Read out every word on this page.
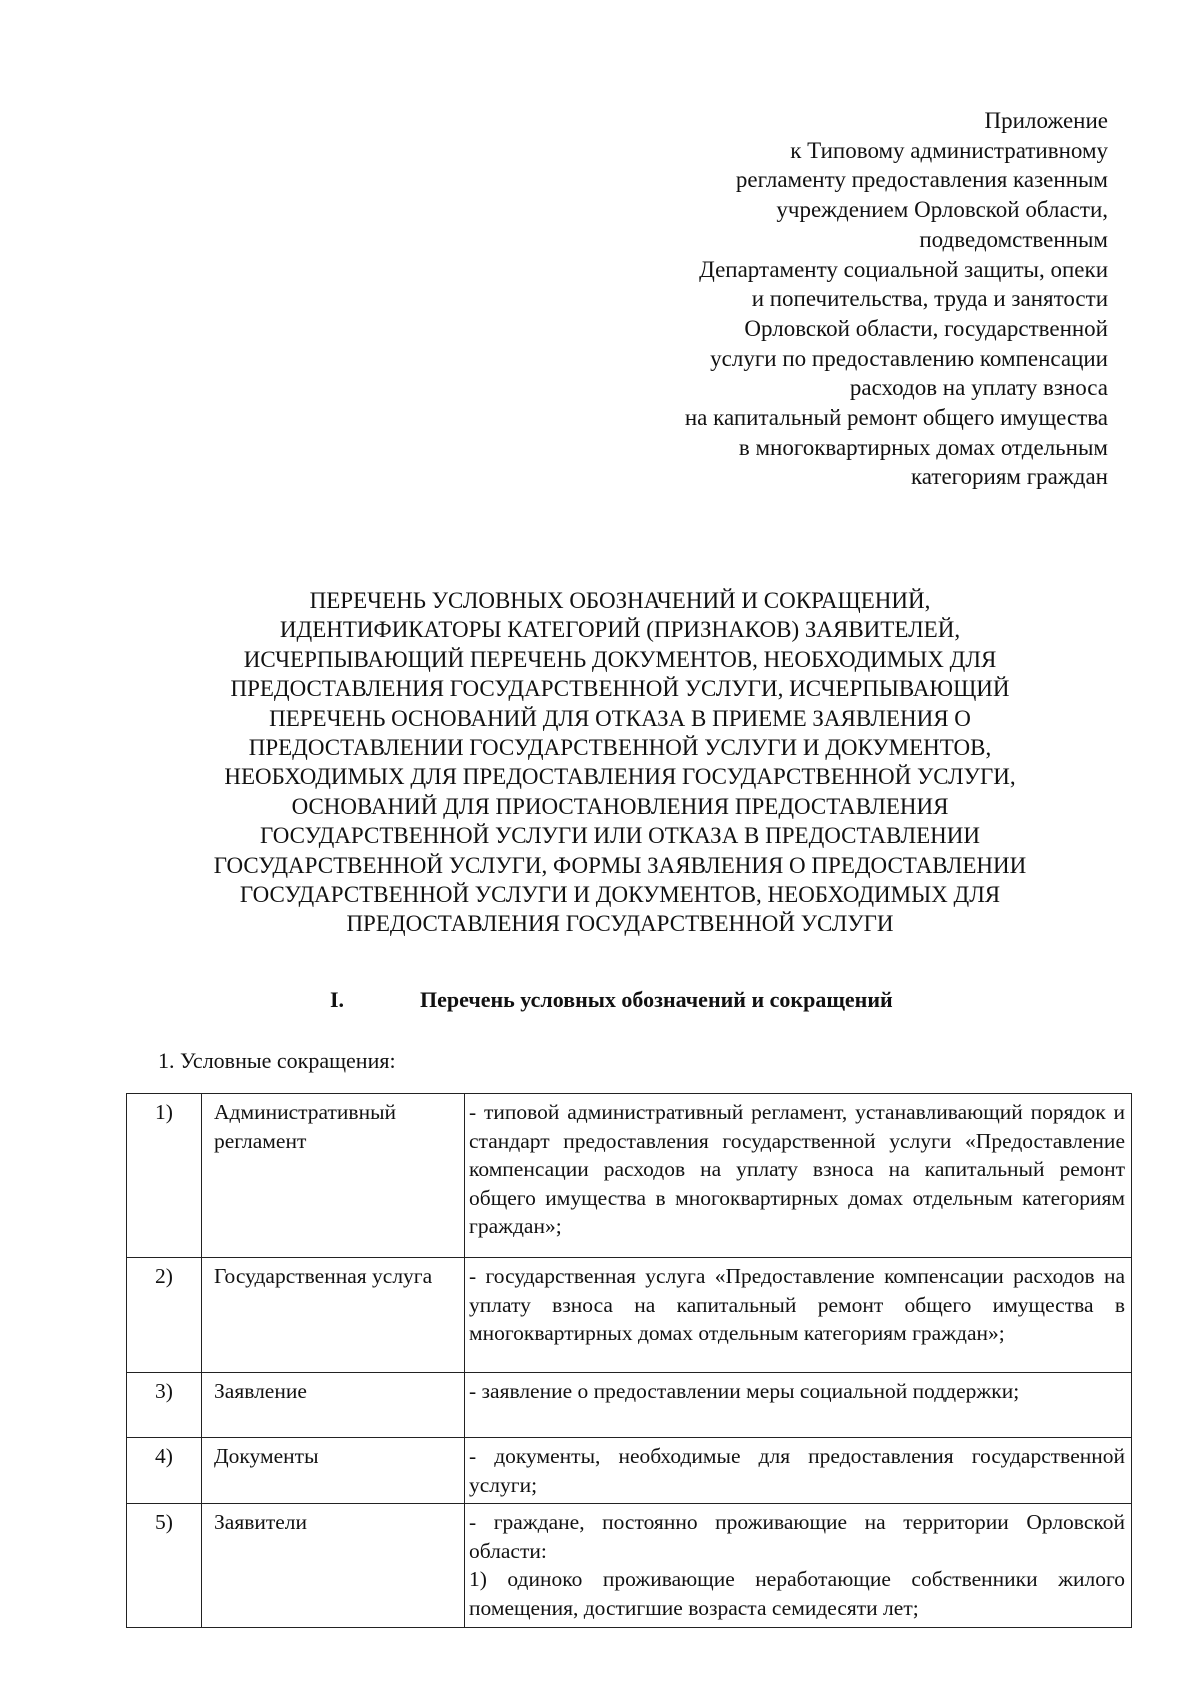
Приложение
к Типовому административному
регламенту предоставления казенным
учреждением Орловской области,
подведомственным
Департаменту социальной защиты, опеки
и попечительства, труда и занятости
Орловской области, государственной
услуги по предоставлению компенсации
расходов на уплату взноса
на капитальный ремонт общего имущества
в многоквартирных домах отдельным
категориям граждан
ПЕРЕЧЕНЬ УСЛОВНЫХ ОБОЗНАЧЕНИЙ И СОКРАЩЕНИЙ,
ИДЕНТИФИКАТОРЫ КАТЕГОРИЙ (ПРИЗНАКОВ) ЗАЯВИТЕЛЕЙ,
ИСЧЕРПЫВАЮЩИЙ ПЕРЕЧЕНЬ ДОКУМЕНТОВ, НЕОБХОДИМЫХ ДЛЯ
ПРЕДОСТАВЛЕНИЯ ГОСУДАРСТВЕННОЙ УСЛУГИ, ИСЧЕРПЫВАЮЩИЙ
ПЕРЕЧЕНЬ ОСНОВАНИЙ ДЛЯ ОТКАЗА В ПРИЕМЕ ЗАЯВЛЕНИЯ О
ПРЕДОСТАВЛЕНИИ ГОСУДАРСТВЕННОЙ УСЛУГИ И ДОКУМЕНТОВ,
НЕОБХОДИМЫХ ДЛЯ ПРЕДОСТАВЛЕНИЯ ГОСУДАРСТВЕННОЙ УСЛУГИ,
ОСНОВАНИЙ ДЛЯ ПРИОСТАНОВЛЕНИЯ ПРЕДОСТАВЛЕНИЯ
ГОСУДАРСТВЕННОЙ УСЛУГИ ИЛИ ОТКАЗА В ПРЕДОСТАВЛЕНИИ
ГОСУДАРСТВЕННОЙ УСЛУГИ, ФОРМЫ ЗАЯВЛЕНИЯ О ПРЕДОСТАВЛЕНИИ
ГОСУДАРСТВЕННОЙ УСЛУГИ И ДОКУМЕНТОВ, НЕОБХОДИМЫХ ДЛЯ
ПРЕДОСТАВЛЕНИЯ ГОСУДАРСТВЕННОЙ УСЛУГИ
I.	Перечень условных обозначений и сокращений
1. Условные сокращения:
1)	Административный регламент	- типовой административный регламент, устанавливающий порядок и стандарт предоставления государственной услуги «Предоставление компенсации расходов на уплату взноса на капитальный ремонт общего имущества в многоквартирных домах отдельным категориям граждан»;
2)	Государственная услуга	- государственная услуга «Предоставление компенсации расходов на уплату взноса на капитальный ремонт общего имущества в многоквартирных домах отдельным категориям граждан»;
3)	Заявление	- заявление о предоставлении меры социальной поддержки;
4)	Документы	- документы, необходимые для предоставления государственной услуги;
5)	Заявители	- граждане, постоянно проживающие на территории Орловской области:
1) одиноко проживающие неработающие собственники жилого помещения, достигшие возраста семидесяти лет;
